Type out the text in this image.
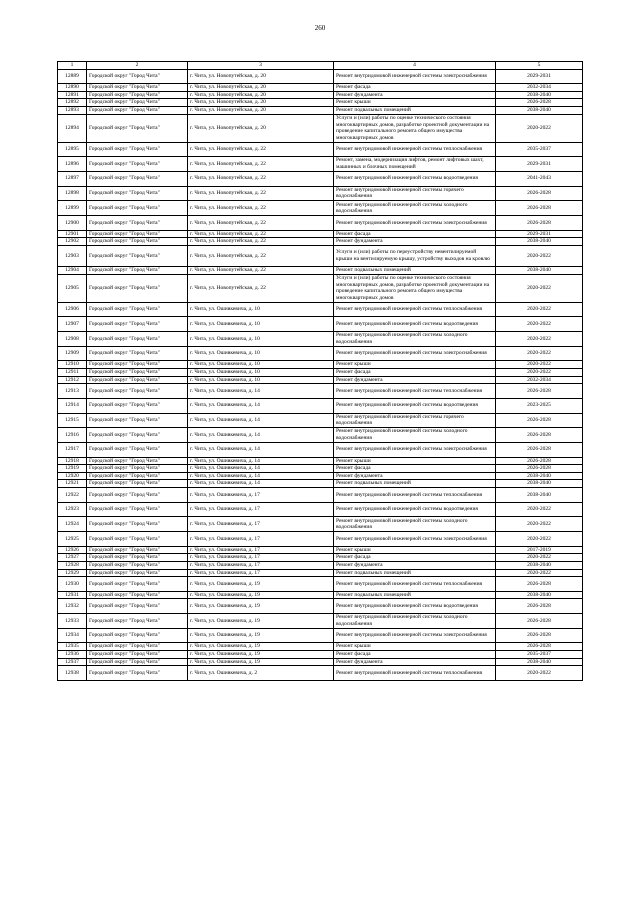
260
1	2	3	4	5
12889	Городской округ "Город Чита"	г. Чита, ул. Новопутейская, д. 20	Ремонт внутридомовой инженерной системы электроснабжения	2029-2031
12890	Городской округ "Город Чита"	г. Чита, ул. Новопутейская, д. 20	Ремонт фасада	2032-2034
12891	Городской округ "Город Чита"	г. Чита, ул. Новопутейская, д. 20	Ремонт фундамента	2038-2040
12892	Городской округ "Город Чита"	г. Чита, ул. Новопутейская, д. 20	Ремонт крыши	2026-2028
12893	Городской округ "Город Чита"	г. Чита, ул. Новопутейская, д. 20	Ремонт подвальных помещений	2038-2040
12894	Городской округ "Город Чита"	г. Чита, ул. Новопутейская, д. 20	Услуги и (или) работы по оценке технического состояния многоквартирных домов, разработке проектной документации на проведение капитального ремонта общего имущества многоквартирных домов	2020-2022
12895	Городской округ "Город Чита"	г. Чита, ул. Новопутейская, д. 22	Ремонт внутридомовой инженерной системы теплоснабжения	2035-2037
12896	Городской округ "Город Чита"	г. Чита, ул. Новопутейская, д. 22	Ремонт, замена, модернизация лифтов, ремонт лифтовых шахт, машинных и блочных помещений	2029-2031
12897	Городской округ "Город Чита"	г. Чита, ул. Новопутейская, д. 22	Ремонт внутридомовой инженерной системы водоотведения	2041-2043
12898	Городской округ "Город Чита"	г. Чита, ул. Новопутейская, д. 22	Ремонт внутридомовой инженерной системы горячего водоснабжения	2026-2028
12899	Городской округ "Город Чита"	г. Чита, ул. Новопутейская, д. 22	Ремонт внутридомовой инженерной системы холодного водоснабжения	2026-2028
12900	Городской округ "Город Чита"	г. Чита, ул. Новопутейская, д. 22	Ремонт внутридомовой инженерной системы электроснабжения	2026-2028
12901	Городской округ "Город Чита"	г. Чита, ул. Новопутейская, д. 22	Ремонт фасада	2029-2031
12902	Городской округ "Город Чита"	г. Чита, ул. Новопутейская, д. 22	Ремонт фундамента	2038-2040
12903	Городской округ "Город Чита"	г. Чита, ул. Новопутейская, д. 22	Услуги и (или) работы по переустройству невентилируемой крыши на вентилируемую крышу, устройству выходов на кровлю	2020-2022
12904	Городской округ "Город Чита"	г. Чита, ул. Новопутейская, д. 22	Ремонт подвальных помещений	2038-2040
12905	Городской округ "Город Чита"	г. Чита, ул. Новопутейская, д. 22	Услуги и (или) работы по оценке технического состояния многоквартирных домов, разработке проектной документации на проведение капитального ремонта общего имущества многоквартирных домов	2020-2022
12906	Городской округ "Город Чита"	г. Чита, ул. Ошивкевича, д. 10	Ремонт внутридомовой инженерной системы теплоснабжения	2020-2022
12907	Городской округ "Город Чита"	г. Чита, ул. Ошивкевича, д. 10	Ремонт внутридомовой инженерной системы водоотведения	2020-2022
12908	Городской округ "Город Чита"	г. Чита, ул. Ошивкевича, д. 10	Ремонт внутридомовой инженерной системы холодного водоснабжения	2020-2022
12909	Городской округ "Город Чита"	г. Чита, ул. Ошивкевича, д. 10	Ремонт внутридомовой инженерной системы электроснабжения	2020-2022
12910	Городской округ "Город Чита"	г. Чита, ул. Ошивкевича, д. 10	Ремонт крыши	2020-2022
12911	Городской округ "Город Чита"	г. Чита, ул. Ошивкевича, д. 10	Ремонт фасада	2020-2022
12912	Городской округ "Город Чита"	г. Чита, ул. Ошивкевича, д. 10	Ремонт фундамента	2032-2034
12913	Городской округ "Город Чита"	г. Чита, ул. Ошивкевича, д. 14	Ремонт внутридомовой инженерной системы теплоснабжения	2026-2028
12914	Городской округ "Город Чита"	г. Чита, ул. Ошивкевича, д. 14	Ремонт внутридомовой инженерной системы водоотведения	2023-2025
12915	Городской округ "Город Чита"	г. Чита, ул. Ошивкевича, д. 14	Ремонт внутридомовой инженерной системы горячего водоснабжения	2026-2028
12916	Городской округ "Город Чита"	г. Чита, ул. Ошивкевича, д. 14	Ремонт внутридомовой инженерной системы холодного водоснабжения	2026-2028
12917	Городской округ "Город Чита"	г. Чита, ул. Ошивкевича, д. 14	Ремонт внутридомовой инженерной системы электроснабжения	2026-2028
12918	Городской округ "Город Чита"	г. Чита, ул. Ошивкевича, д. 14	Ремонт крыши	2026-2028
12919	Городской округ "Город Чита"	г. Чита, ул. Ошивкевича, д. 14	Ремонт фасада	2026-2028
12920	Городской округ "Город Чита"	г. Чита, ул. Ошивкевича, д. 14	Ремонт фундамента	2038-2040
12921	Городской округ "Город Чита"	г. Чита, ул. Ошивкевича, д. 14	Ремонт подвальных помещений	2038-2040
12922	Городской округ "Город Чита"	г. Чита, ул. Ошивкевича, д. 17	Ремонт внутридомовой инженерной системы теплоснабжения	2038-2040
12923	Городской округ "Город Чита"	г. Чита, ул. Ошивкевича, д. 17	Ремонт внутридомовой инженерной системы водоотведения	2020-2022
12924	Городской округ "Город Чита"	г. Чита, ул. Ошивкевича, д. 17	Ремонт внутридомовой инженерной системы холодного водоснабжения	2020-2022
12925	Городской округ "Город Чита"	г. Чита, ул. Ошивкевича, д. 17	Ремонт внутридомовой инженерной системы электроснабжения	2020-2022
12926	Городской округ "Город Чита"	г. Чита, ул. Ошивкевича, д. 17	Ремонт крыши	2017-2019
12927	Городской округ "Город Чита"	г. Чита, ул. Ошивкевича, д. 17	Ремонт фасада	2020-2022
12928	Городской округ "Город Чита"	г. Чита, ул. Ошивкевича, д. 17	Ремонт фундамента	2038-2040
12929	Городской округ "Город Чита"	г. Чита, ул. Ошивкевича, д. 17	Ремонт подвальных помещений	2020-2022
12930	Городской округ "Город Чита"	г. Чита, ул. Ошивкевича, д. 19	Ремонт внутридомовой инженерной системы теплоснабжения	2026-2028
12931	Городской округ "Город Чита"	г. Чита, ул. Ошивкевича, д. 19	Ремонт подвальных помещений	2038-2040
12932	Городской округ "Город Чита"	г. Чита, ул. Ошивкевича, д. 19	Ремонт внутридомовой инженерной системы водоотведения	2026-2028
12933	Городской округ "Город Чита"	г. Чита, ул. Ошивкевича, д. 19	Ремонт внутридомовой инженерной системы холодного водоснабжения	2026-2028
12934	Городской округ "Город Чита"	г. Чита, ул. Ошивкевича, д. 19	Ремонт внутридомовой инженерной системы электроснабжения	2026-2028
12935	Городской округ "Город Чита"	г. Чита, ул. Ошивкевича, д. 19	Ремонт крыши	2026-2028
12936	Городской округ "Город Чита"	г. Чита, ул. Ошивкевича, д. 19	Ремонт фасада	2035-2037
12937	Городской округ "Город Чита"	г. Чита, ул. Ошивкевича, д. 19	Ремонт фундамента	2038-2040
12938	Городской округ "Город Чита"	г. Чита, ул. Ошивкевича, д. 2	Ремонт внутридомовой инженерной системы теплоснабжения	2020-2022
